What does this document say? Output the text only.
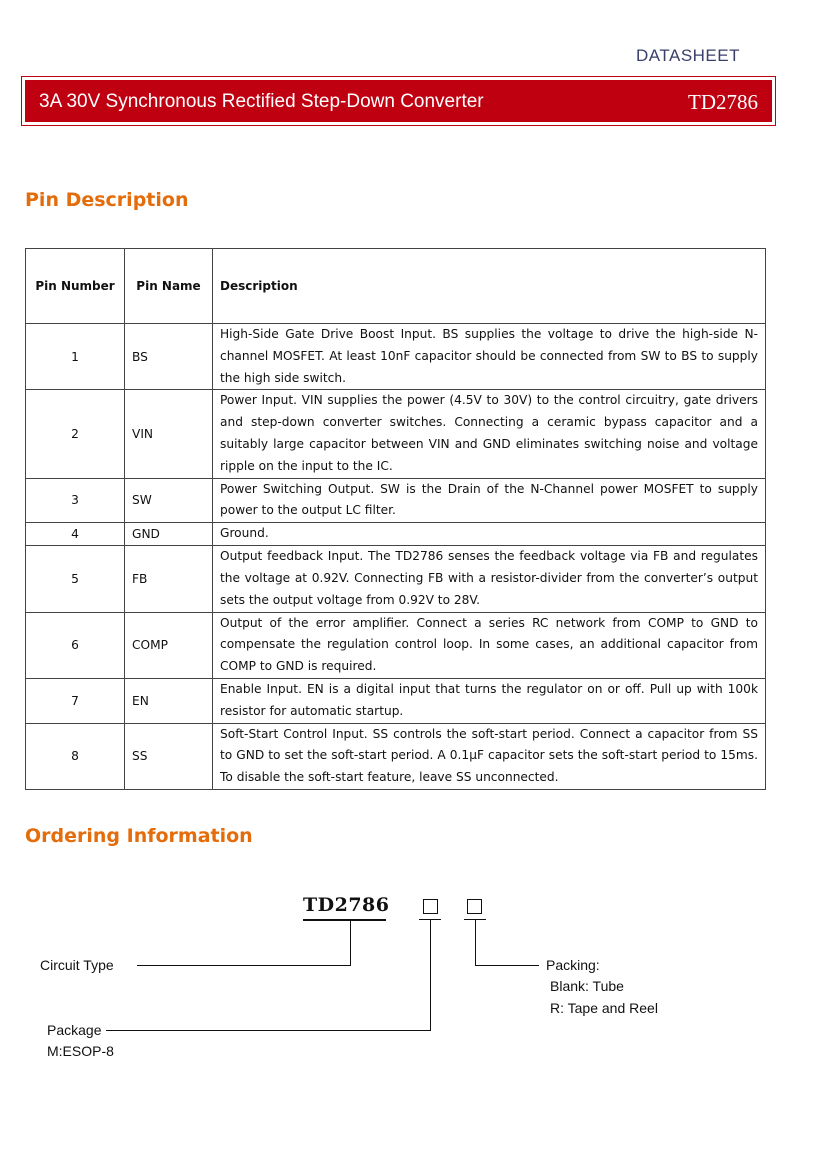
DATASHEET
3A 30V Synchronous Rectified Step-Down Converter	TD2786
Pin Description
Pin Number	Pin Name	Description
1	BS	High-Side Gate Drive Boost Input. BS supplies the voltage to drive the high-side N-channel MOSFET. At least 10nF capacitor should be connected from SW to BS to supply the high side switch.
2	VIN	Power Input. VIN supplies the power (4.5V to 30V) to the control circuitry, gate drivers and step-down converter switches. Connecting a ceramic bypass capacitor and a suitably large capacitor between VIN and GND eliminates switching noise and voltage ripple on the input to the IC.
3	SW	Power Switching Output. SW is the Drain of the N-Channel power MOSFET to supply power to the output LC filter.
4	GND	Ground.
5	FB	Output feedback Input. The TD2786 senses the feedback voltage via FB and regulates the voltage at 0.92V. Connecting FB with a resistor-divider from the converter’s output sets the output voltage from 0.92V to 28V.
6	COMP	Output of the error amplifier. Connect a series RC network from COMP to GND to compensate the regulation control loop. In some cases, an additional capacitor from COMP to GND is required.
7	EN	Enable Input. EN is a digital input that turns the regulator on or off. Pull up with 100k resistor for automatic startup.
8	SS	Soft-Start Control Input. SS controls the soft-start period. Connect a capacitor from SS to GND to set the soft-start period. A 0.1µF capacitor sets the soft-start period to 15ms. To disable the soft-start feature, leave SS unconnected.
Ordering Information
TD2786
Circuit Type
Package
M:ESOP-8
Packing:
Blank: Tube
R: Tape and Reel
